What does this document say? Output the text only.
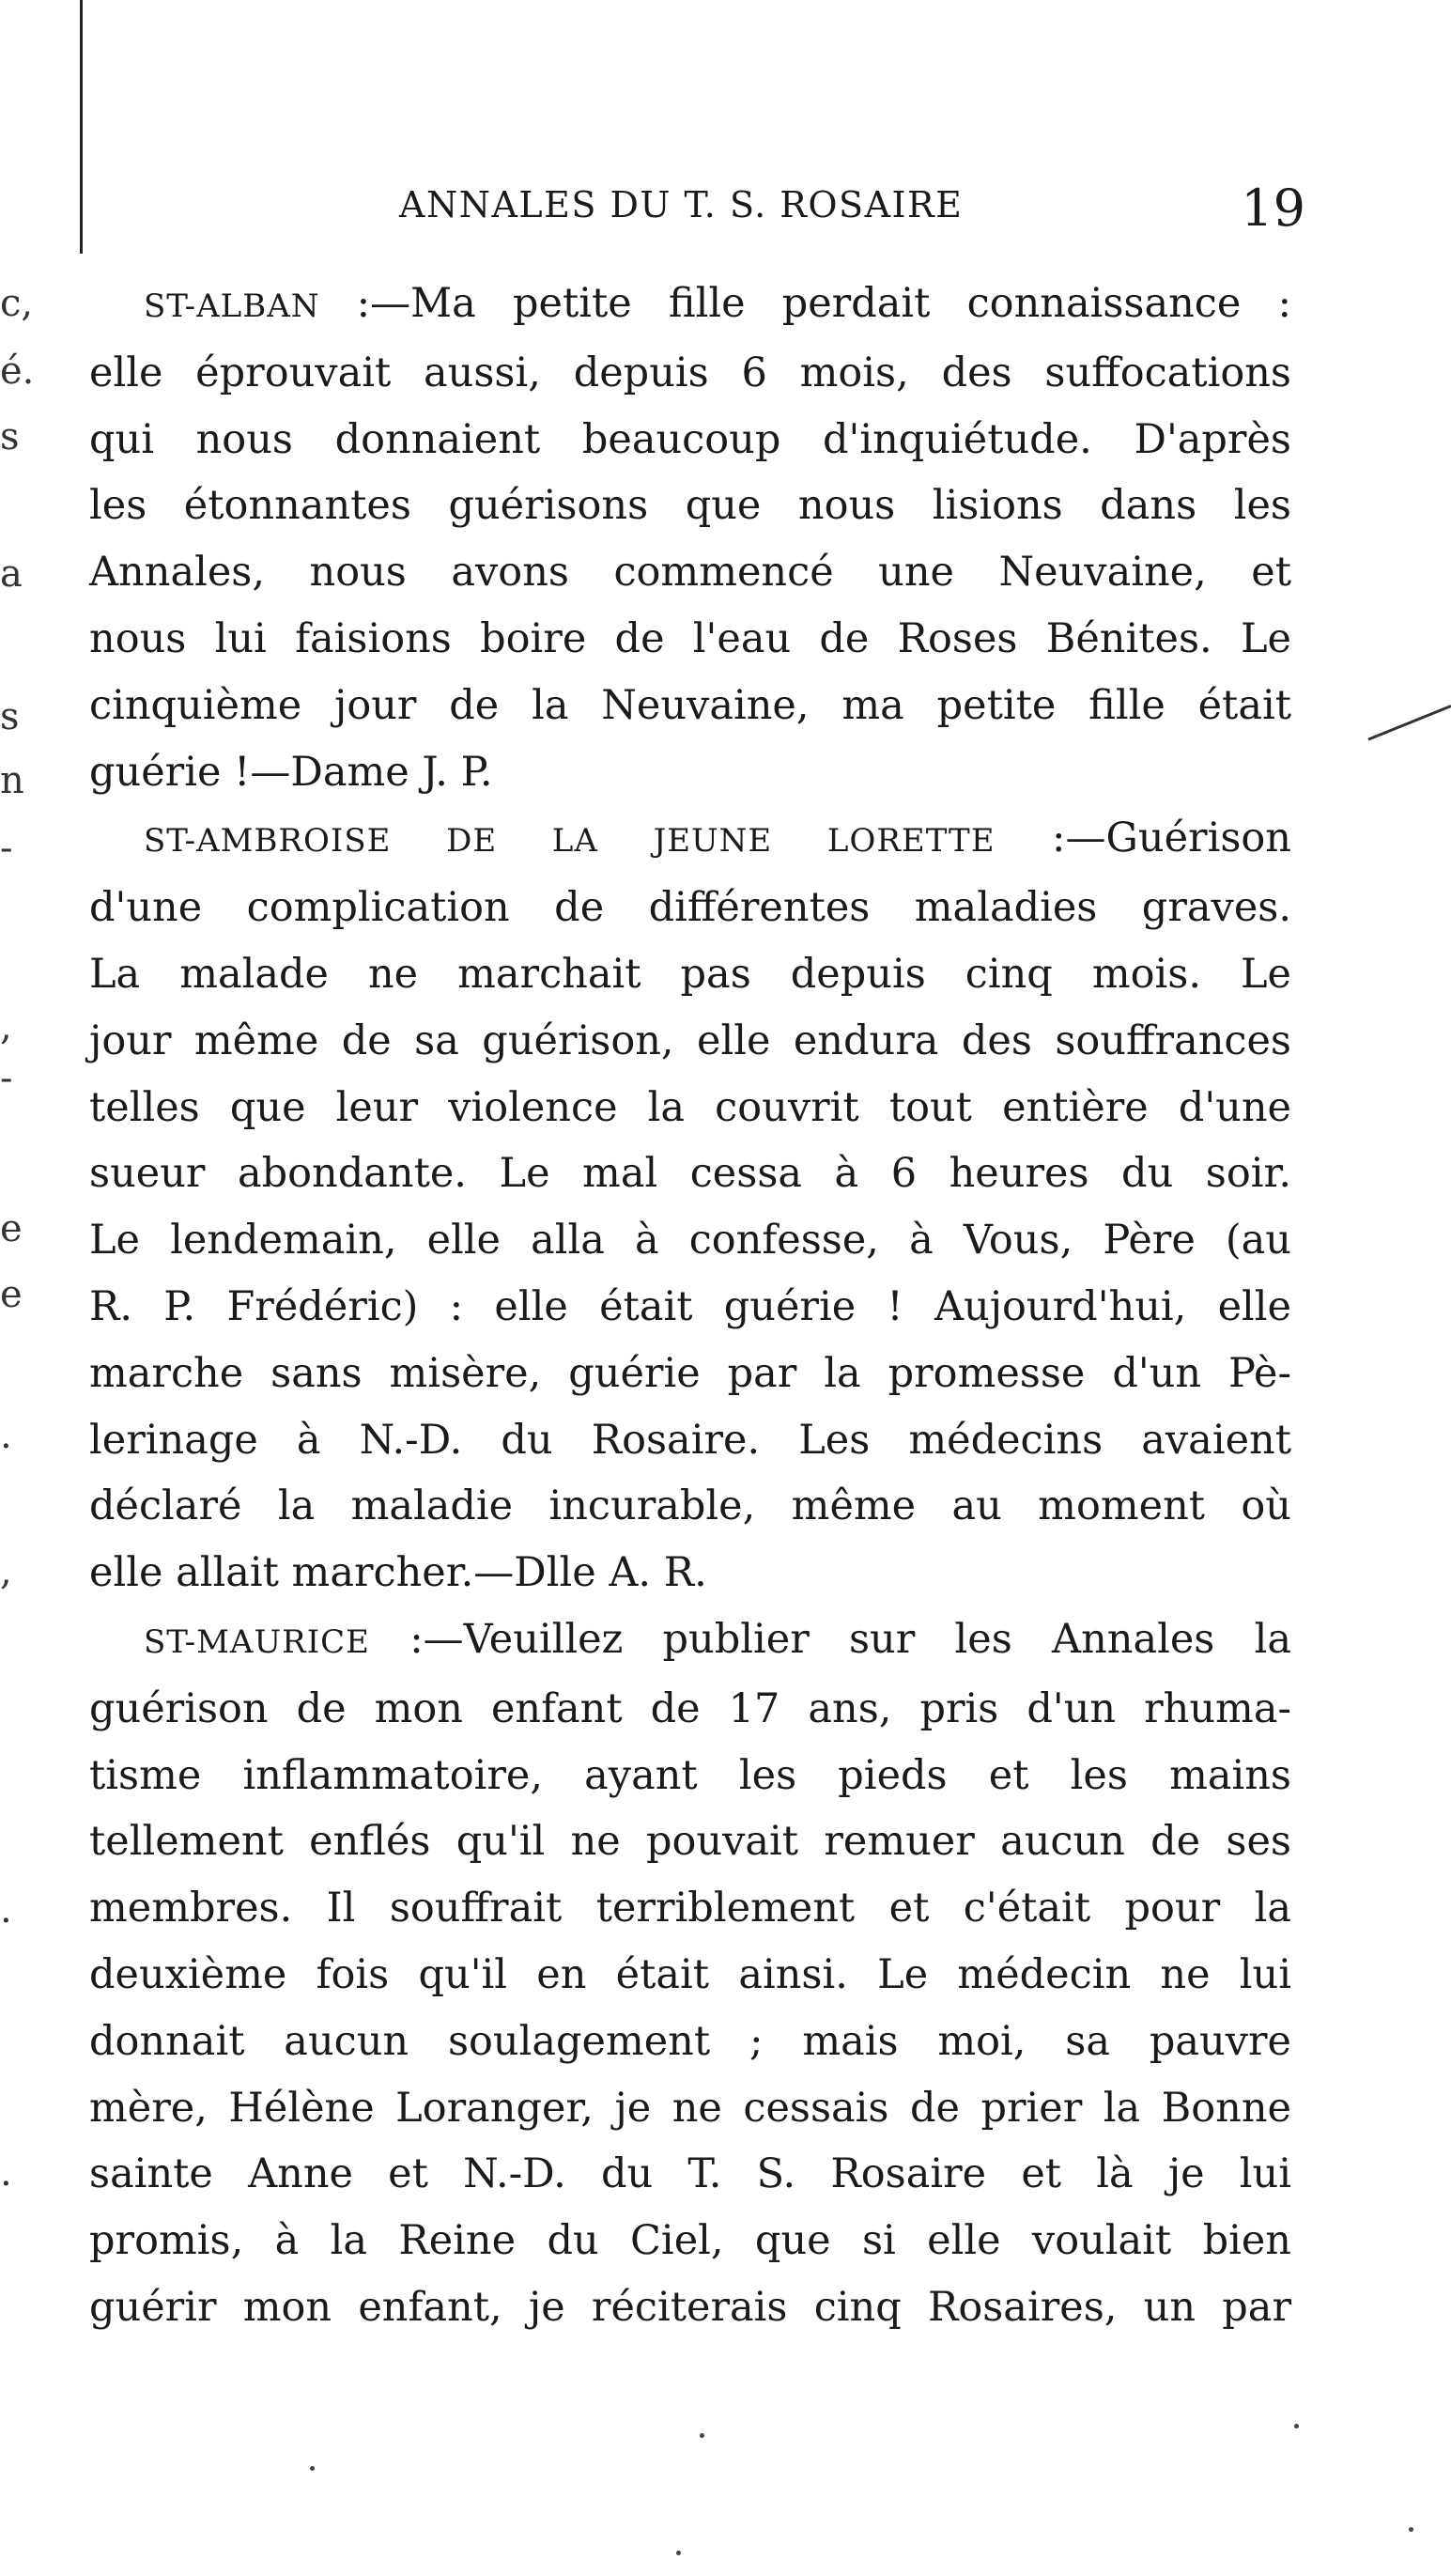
c,
é.
s
a
s
n
-
,
-
e
e
.
,
.
.
ANNALES DU T. S. ROSAIRE	19
ST-ALBAN :—Ma petite fille perdait connaissance :
elle éprouvait aussi, depuis 6 mois, des suffocations
qui nous donnaient beaucoup d'inquiétude. D'après
les étonnantes guérisons que nous lisions dans les
Annales, nous avons commencé une Neuvaine, et
nous lui faisions boire de l'eau de Roses Bénites. Le
cinquième jour de la Neuvaine, ma petite fille était
guérie !—Dame J. P.
ST-AMBROISE DE LA JEUNE LORETTE :—Guérison
d'une complication de différentes maladies graves.
La malade ne marchait pas depuis cinq mois. Le
jour même de sa guérison, elle endura des souffrances
telles que leur violence la couvrit tout entière d'une
sueur abondante. Le mal cessa à 6 heures du soir.
Le lendemain, elle alla à confesse, à Vous, Père (au
R. P. Frédéric) : elle était guérie ! Aujourd'hui, elle
marche sans misère, guérie par la promesse d'un Pè-
lerinage à N.-D. du Rosaire. Les médecins avaient
déclaré la maladie incurable, même au moment où
elle allait marcher.—Dlle A. R.
ST-MAURICE :—Veuillez publier sur les Annales la
guérison de mon enfant de 17 ans, pris d'un rhuma-
tisme inflammatoire, ayant les pieds et les mains
tellement enflés qu'il ne pouvait remuer aucun de ses
membres. Il souffrait terriblement et c'était pour la
deuxième fois qu'il en était ainsi. Le médecin ne lui
donnait aucun soulagement ; mais moi, sa pauvre
mère, Hélène Loranger, je ne cessais de prier la Bonne
sainte Anne et N.-D. du T. S. Rosaire et là je lui
promis, à la Reine du Ciel, que si elle voulait bien
guérir mon enfant, je réciterais cinq Rosaires, un par
